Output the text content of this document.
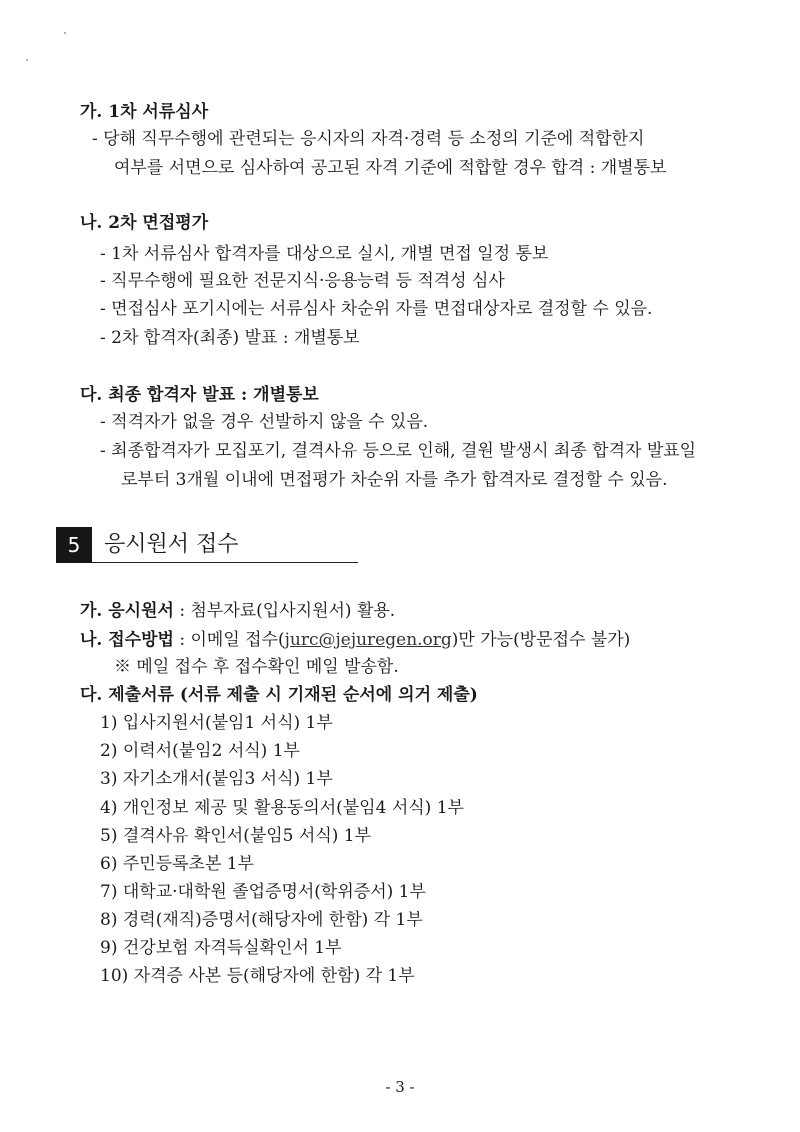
가. 1차 서류심사
- 당해 직무수행에 관련되는 응시자의 자격·경력 등 소정의 기준에 적합한지
여부를 서면으로 심사하여 공고된 자격 기준에 적합할 경우 합격 : 개별통보
나. 2차 면접평가
- 1차 서류심사 합격자를 대상으로 실시, 개별 면접 일정 통보
- 직무수행에 필요한 전문지식·응용능력 등 적격성 심사
- 면접심사 포기시에는 서류심사 차순위 자를 면접대상자로 결정할 수 있음.
- 2차 합격자(최종) 발표 : 개별통보
다. 최종 합격자 발표 : 개별통보
- 적격자가 없을 경우 선발하지 않을 수 있음.
- 최종합격자가 모집포기, 결격사유 등으로 인해, 결원 발생시 최종 합격자 발표일
로부터 3개월 이내에 면접평가 차순위 자를 추가 합격자로 결정할 수 있음.
5	응시원서 접수
가. 응시원서 : 첨부자료(입사지원서) 활용.
나. 접수방법 : 이메일 접수(jurc@jejuregen.org)만 가능(방문접수 불가)
※ 메일 접수 후 접수확인 메일 발송함.
다. 제출서류 (서류 제출 시 기재된 순서에 의거 제출)
1) 입사지원서(붙임1 서식) 1부
2) 이력서(붙임2 서식) 1부
3) 자기소개서(붙임3 서식) 1부
4) 개인정보 제공 및 활용동의서(붙임4 서식) 1부
5) 결격사유 확인서(붙임5 서식) 1부
6) 주민등록초본 1부
7) 대학교·대학원 졸업증명서(학위증서) 1부
8) 경력(재직)증명서(해당자에 한함) 각 1부
9) 건강보험 자격득실확인서 1부
10) 자격증 사본 등(해당자에 한함) 각 1부
- 3 -
